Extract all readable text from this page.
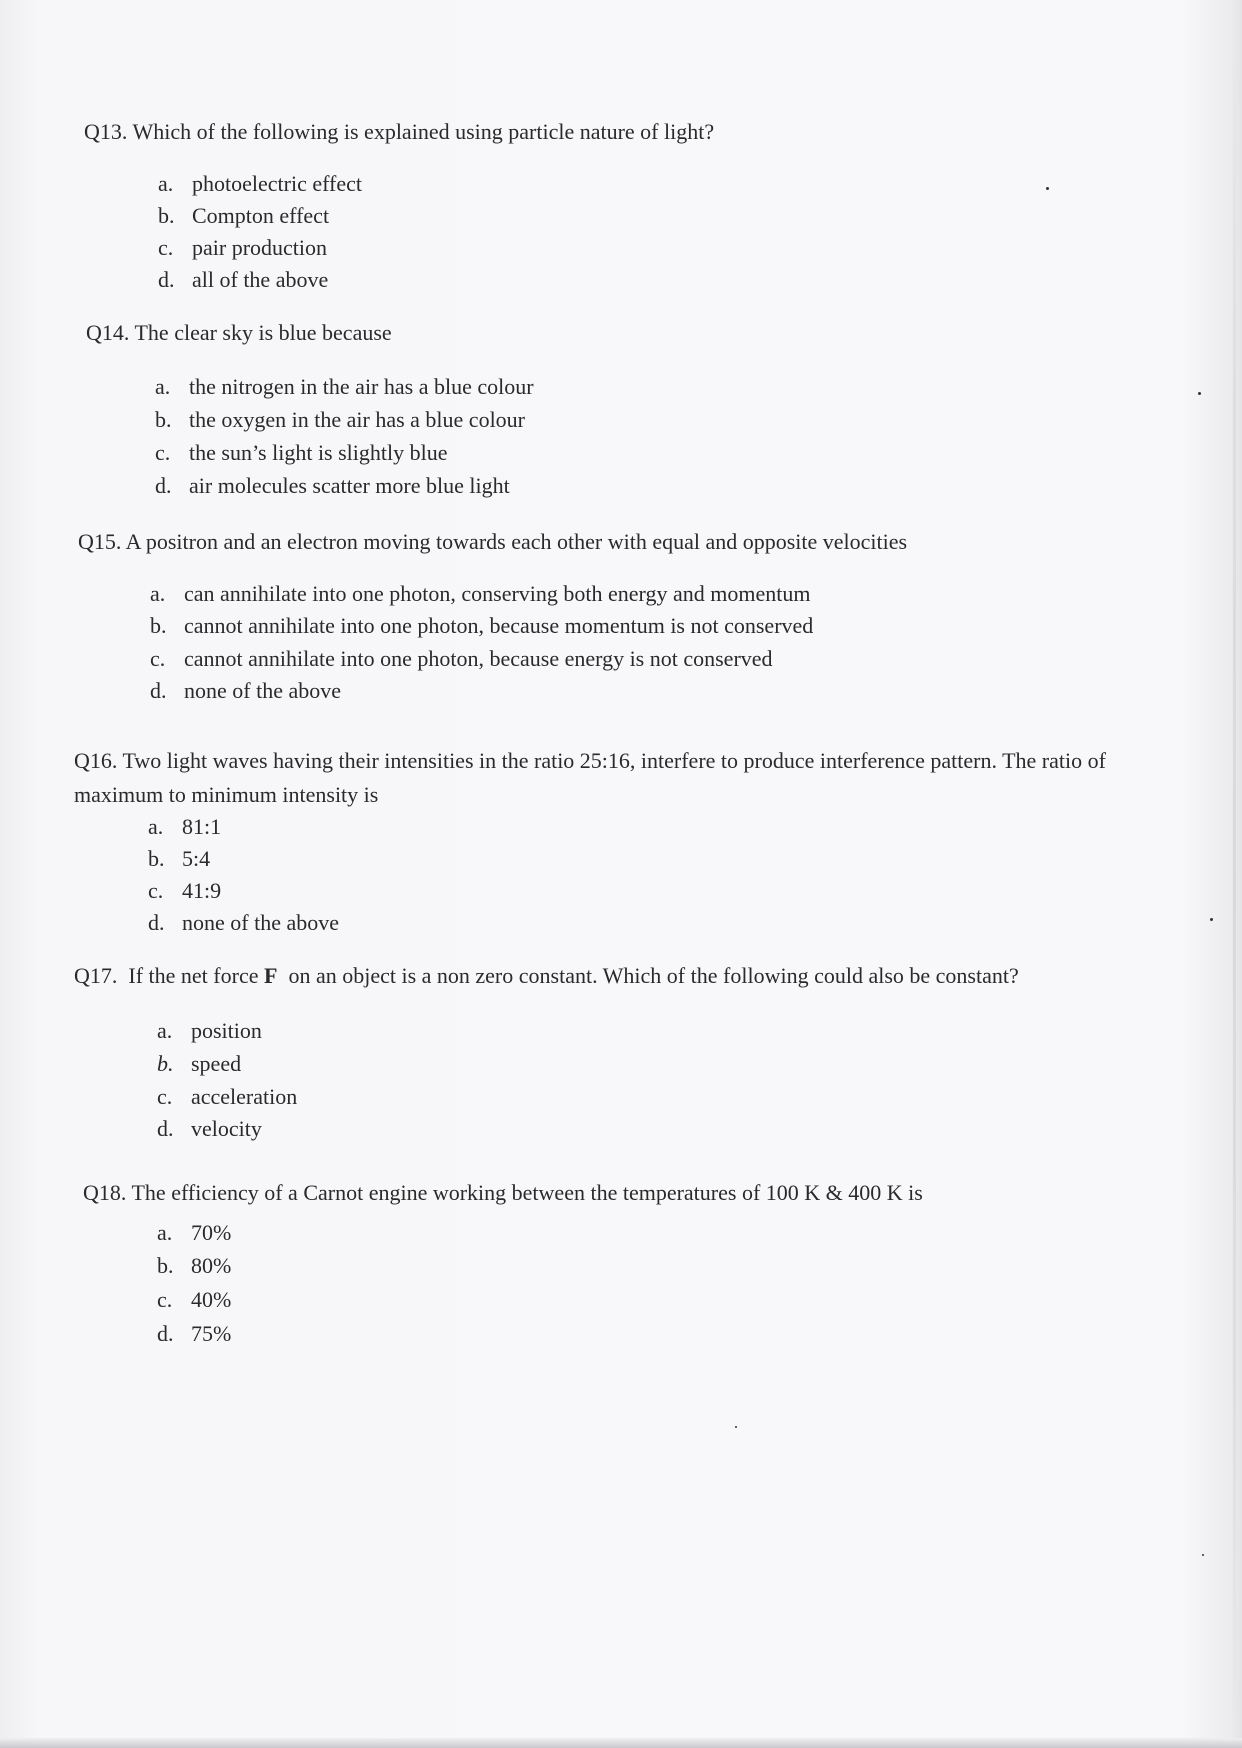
Q13. Which of the following is explained using particle nature of light?
a. photoelectric effect
b. Compton effect
c. pair production
d. all of the above
Q14. The clear sky is blue because
a. the nitrogen in the air has a blue colour
b. the oxygen in the air has a blue colour
c. the sun’s light is slightly blue
d. air molecules scatter more blue light
Q15. A positron and an electron moving towards each other with equal and opposite velocities
a. can annihilate into one photon, conserving both energy and momentum
b. cannot annihilate into one photon, because momentum is not conserved
c. cannot annihilate into one photon, because energy is not conserved
d. none of the above
Q16. Two light waves having their intensities in the ratio 25:16, interfere to produce interference pattern. The ratio of maximum to minimum intensity is
a. 81:1
b. 5:4
c. 41:9
d. none of the above
Q17.  If the net force F  on an object is a non zero constant. Which of the following could also be constant?
a. position
b. speed
c. acceleration
d. velocity
Q18. The efficiency of a Carnot engine working between the temperatures of 100 K & 400 K is
a. 70%
b. 80%
c. 40%
d. 75%
